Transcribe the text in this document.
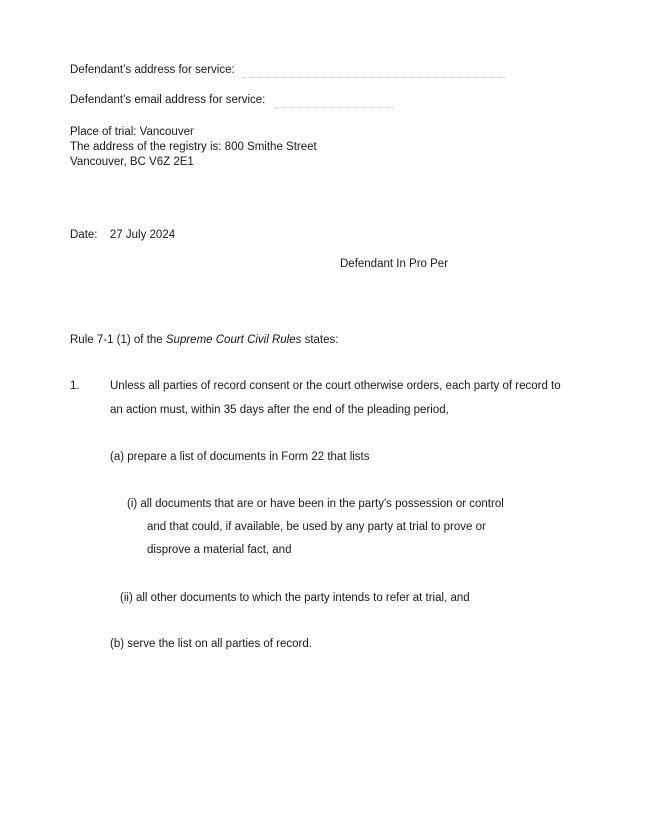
Defendant’s address for service:
Defendant’s email address for service:
Place of trial: Vancouver
The address of the registry is: 800 Smithe Street
Vancouver, BC V6Z 2E1
Date: 27 July 2024
Defendant In Pro Per
Rule 7-1 (1) of the Supreme Court Civil Rules states:
1.	Unless all parties of record consent or the court otherwise orders, each party of record to
an action must, within 35 days after the end of the pleading period,
(a) prepare a list of documents in Form 22 that lists
(i) all documents that are or have been in the party's possession or control
and that could, if available, be used by any party at trial to prove or
disprove a material fact, and
(ii) all other documents to which the party intends to refer at trial, and
(b) serve the list on all parties of record.
